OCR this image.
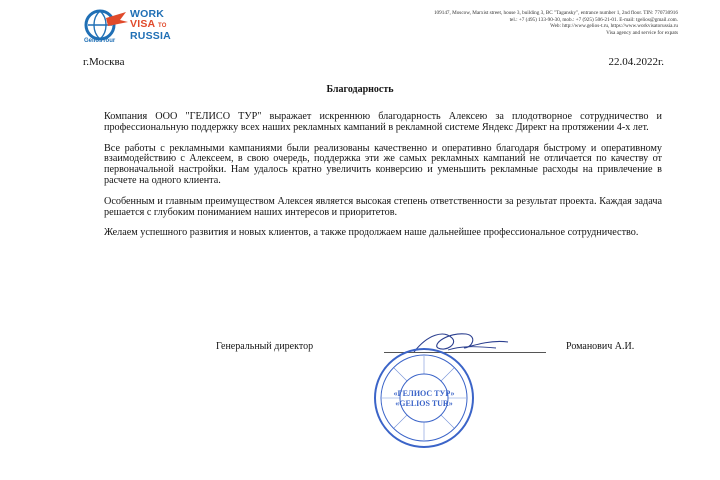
WORK
VISA TO
RUSSIA
GeliosTour
109147, Moscow, Marxist street, house 3, building 3, BC "Tagansky", entrance number 1, 2nd floor. TIN: 770730916
tel.: +7 (495) 133-90-30, mob.: +7 (925) 506-21-01. E-mail: tgelios@gmail.com.
Web: http://www.gelios-t.ru, https://www.workvisatorussia.ru
Visa agency and service for expats
г.Москва	22.04.2022г.
Благодарность

Компания ООО "ГЕЛИСО ТУР" выражает искреннюю благодарность Алексею за плодотворное сотрудничество и профессиональную поддержку всех наших рекламных кампаний в рекламной системе Яндекс Директ на протяжении 4-х лет.

Все работы с рекламными кампаниями были реализованы качественно и оперативно благодаря быстрому и оперативному взаимодействию с Алексеем, в свою очередь, поддержка эти же самых рекламных кампаний не отличается по качеству от первоначальной настройки. Нам удалось кратно увеличить конверсию и уменьшить рекламные расходы на привлечение в расчете на одного клиента.

Особенным и главным преимуществом Алексея является высокая степень ответственности за результат проекта. Каждая задача решается с глубоким пониманием наших интересов и приоритетов.

Желаем успешного развития и новых клиентов, а также продолжаем наше дальнейшее профессиональное сотрудничество.

Генеральный директор	Романович А.И.
«ГЕЛИОС ТУР»
«GELIOS TUR»
